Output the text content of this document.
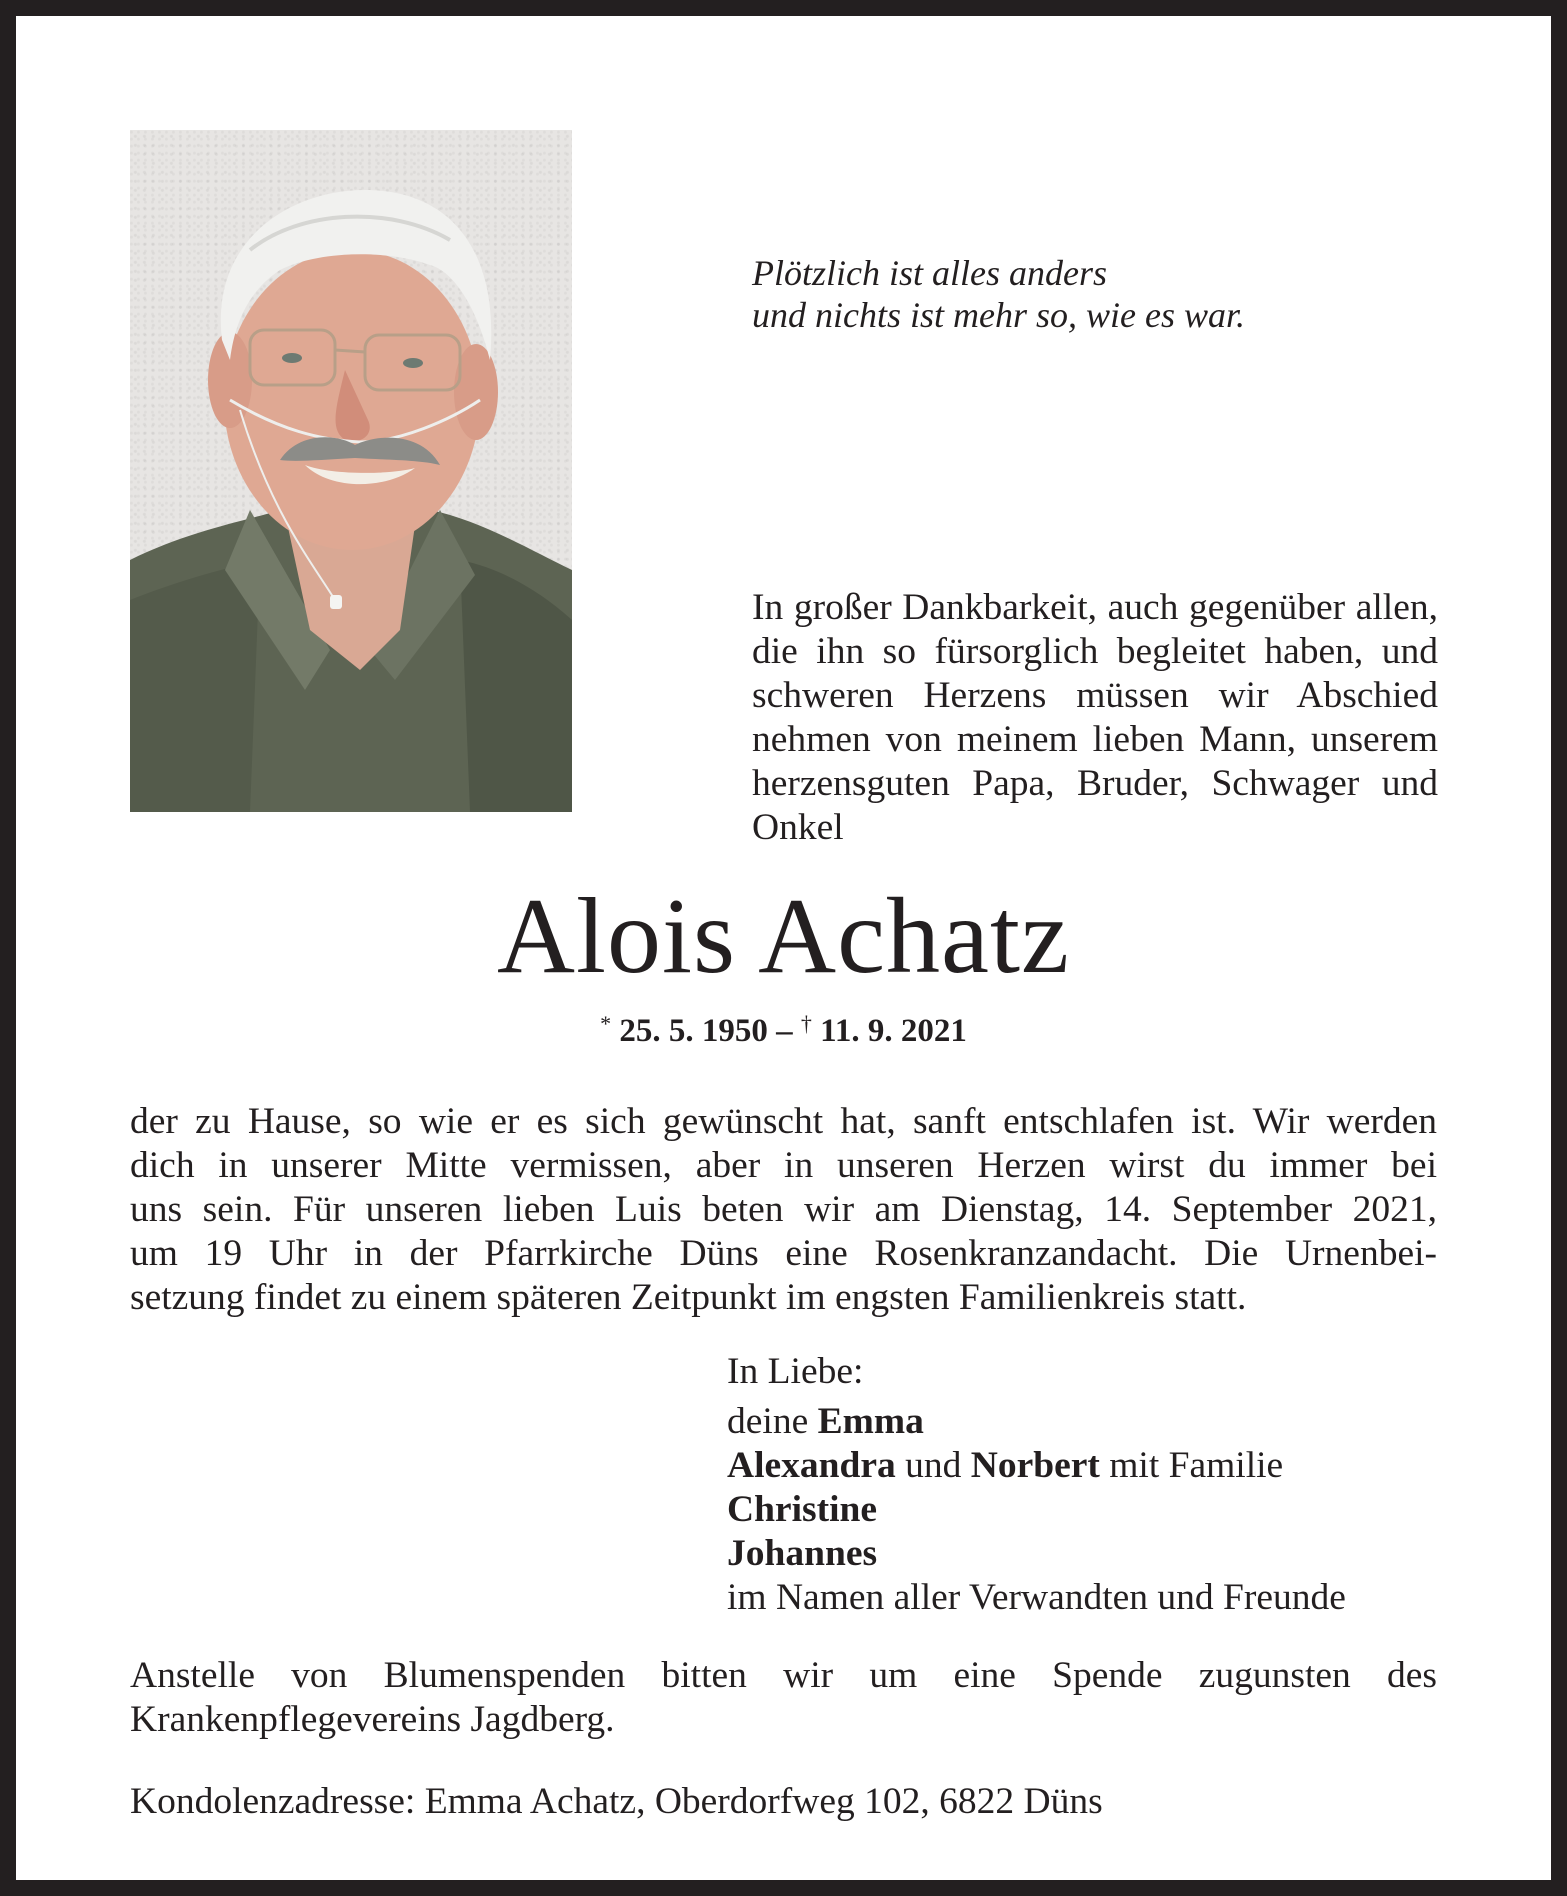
Plötzlich ist alles anders
und nichts ist mehr so, wie es war.
In großer Dankbarkeit, auch gegenüber allen, die ihn so fürsorglich begleitet haben, und schweren Herzens müssen wir Abschied nehmen von meinem lieben Mann, unserem herzensguten Papa, Bruder, Schwager und Onkel
Alois Achatz
* 25. 5. 1950 – † 11. 9. 2021
der zu Hause, so wie er es sich gewünscht hat, sanft entschlafen ist. Wir werden
dich in unserer Mitte vermissen, aber in unseren Herzen wirst du immer bei
uns sein. Für unseren lieben Luis beten wir am Dienstag, 14. September 2021,
um 19 Uhr in der Pfarrkirche Düns eine Rosenkranzandacht. Die Urnenbei-
setzung findet zu einem späteren Zeitpunkt im engsten Familienkreis statt.
In Liebe:
deine Emma
Alexandra und Norbert mit Familie
Christine
Johannes
im Namen aller Verwandten und Freunde
Anstelle von Blumenspenden bitten wir um eine Spende zugunsten des Krankenpflegevereins Jagdberg.
Kondolenzadresse: Emma Achatz, Oberdorfweg 102, 6822 Düns
